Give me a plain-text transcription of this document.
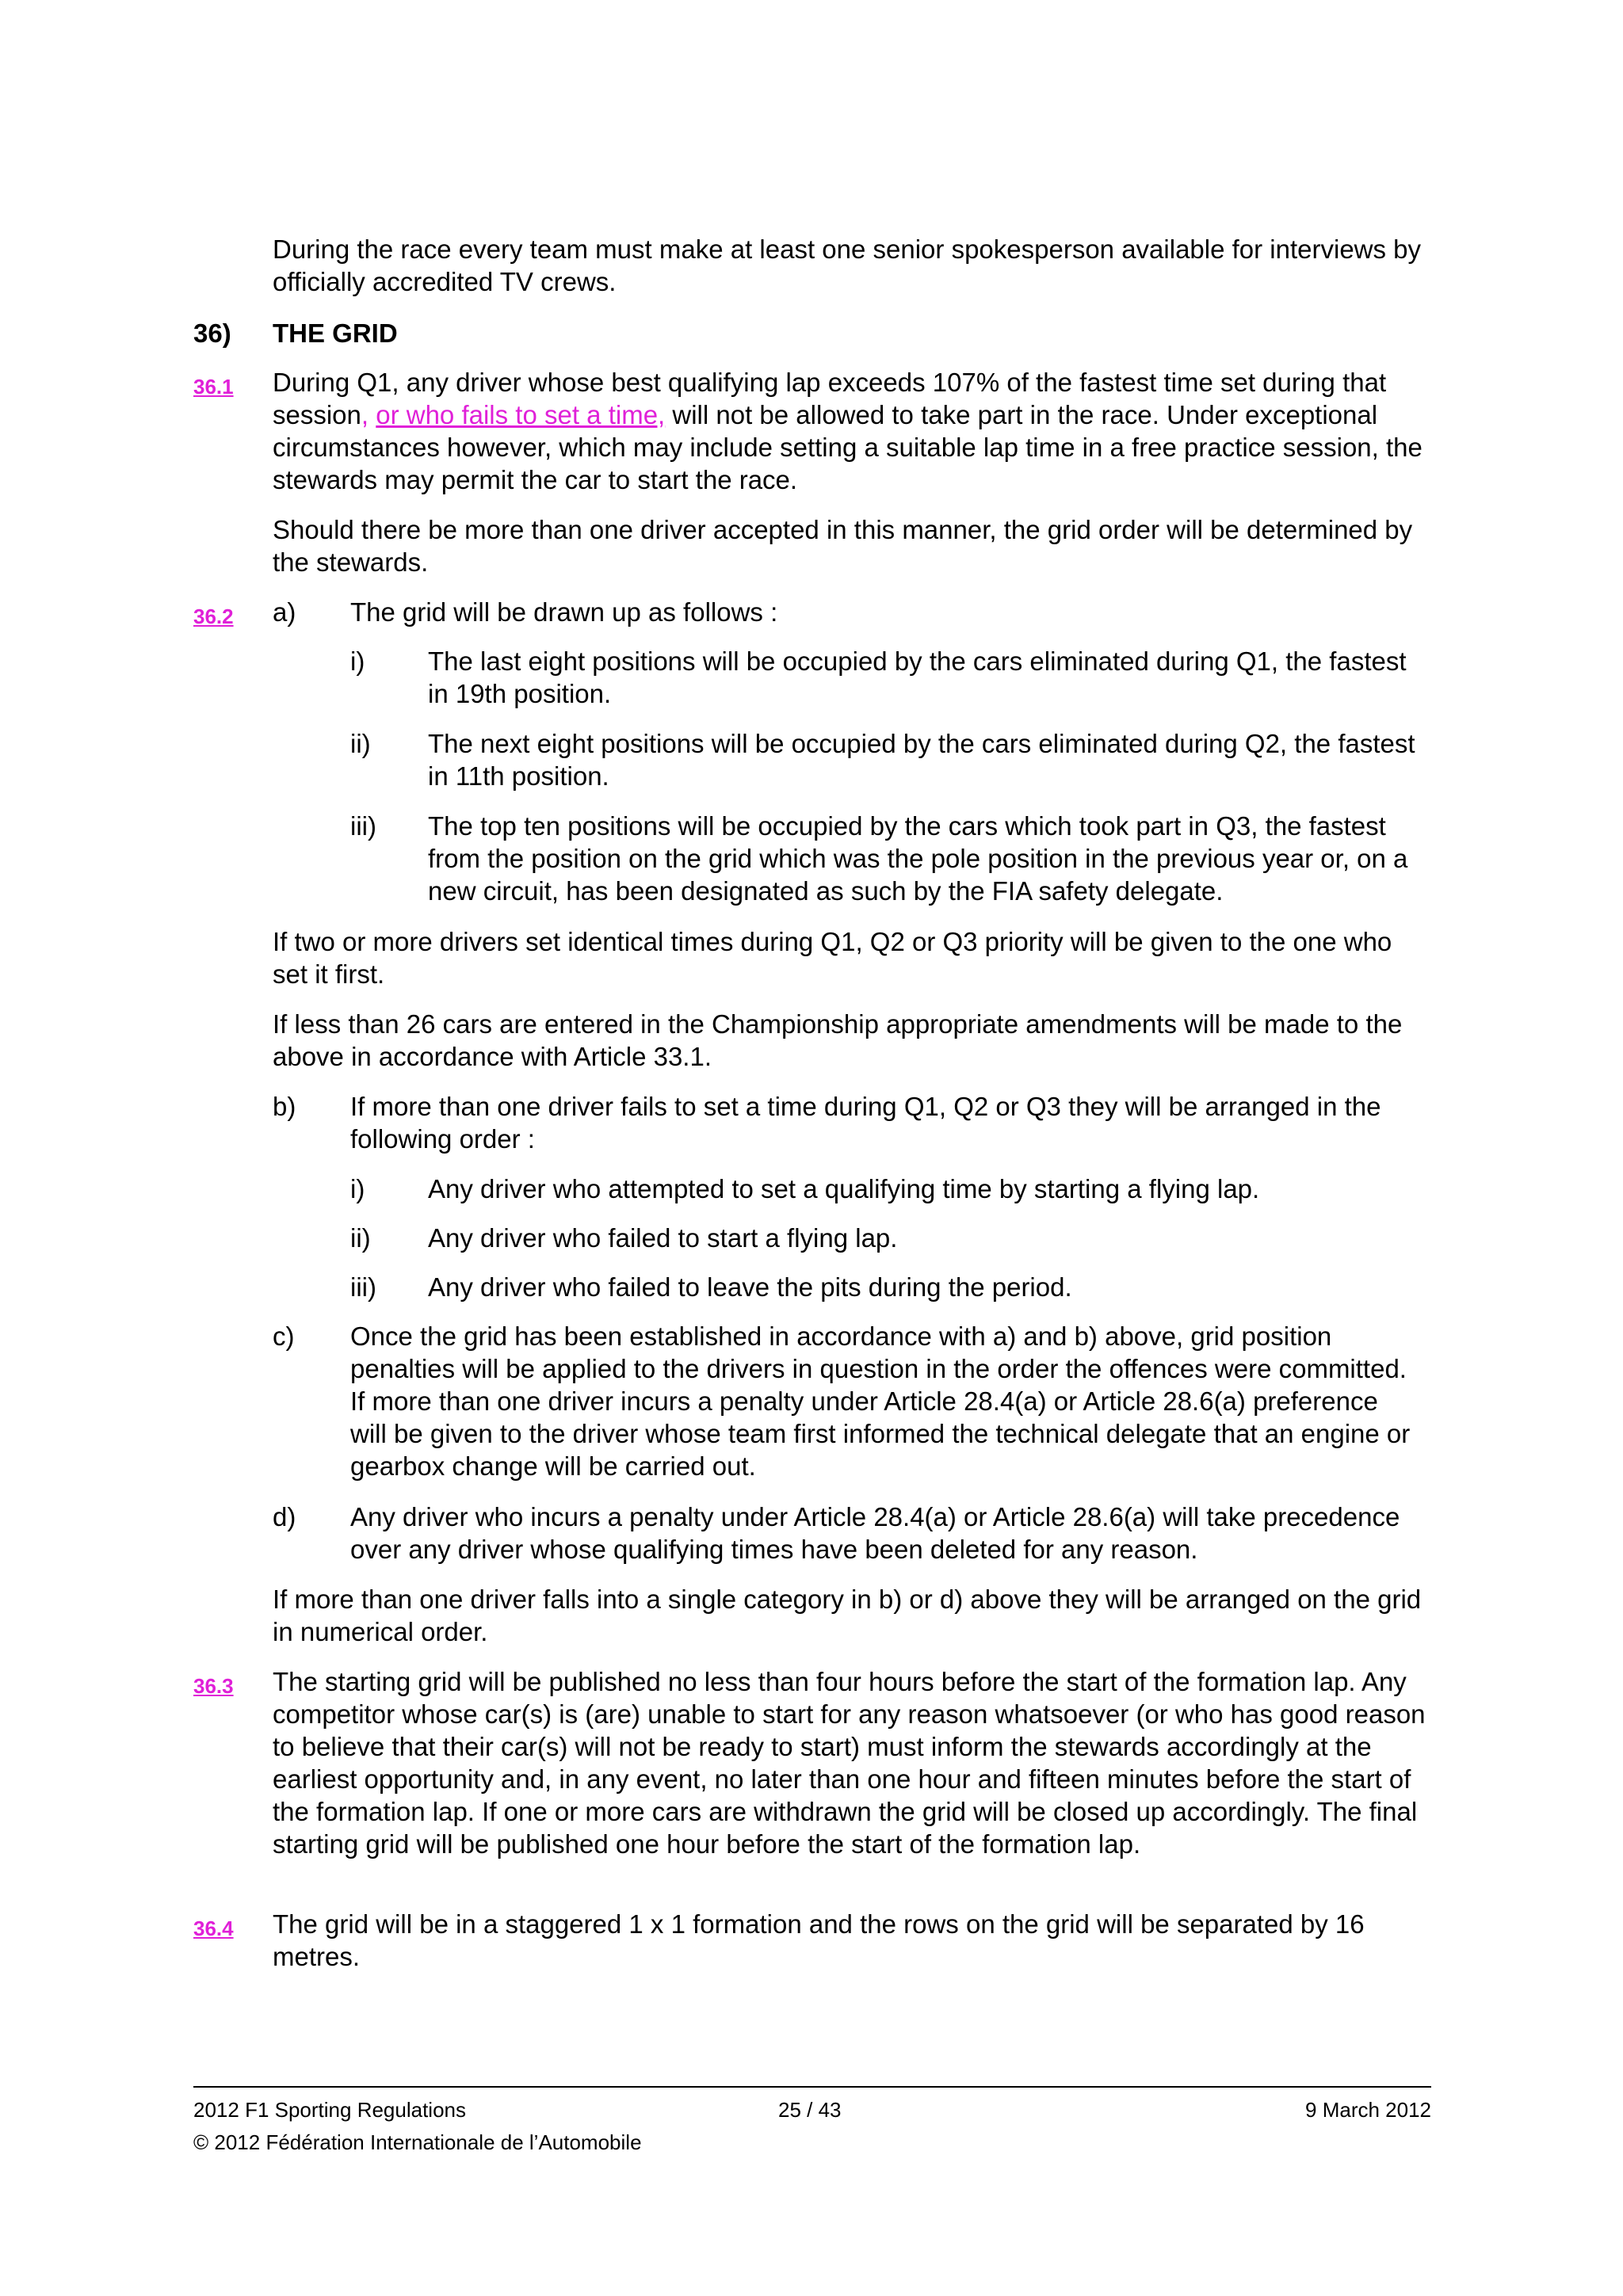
During the race every team must make at least one senior spokesperson available for interviews by officially accredited TV crews.

36) THE GRID
36.1 During Q1, any driver whose best qualifying lap exceeds 107% of the fastest time set during that session, or who fails to set a time, will not be allowed to take part in the race. Under exceptional circumstances however, which may include setting a suitable lap time in a free practice session, the stewards may permit the car to start the race.

Should there be more than one driver accepted in this manner, the grid order will be determined by the stewards.

36.2 a) The grid will be drawn up as follows :
i) The last eight positions will be occupied by the cars eliminated during Q1, the fastest in 19th position.

ii) The next eight positions will be occupied by the cars eliminated during Q2, the fastest in 11th position.

iii) The top ten positions will be occupied by the cars which took part in Q3, the fastest from the position on the grid which was the pole position in the previous year or, on a new circuit, has been designated as such by the FIA safety delegate.

If two or more drivers set identical times during Q1, Q2 or Q3 priority will be given to the one who set it first.

If less than 26 cars are entered in the Championship appropriate amendments will be made to the above in accordance with Article 33.1.

b) If more than one driver fails to set a time during Q1, Q2 or Q3 they will be arranged in the following order :

i) Any driver who attempted to set a qualifying time by starting a flying lap.
ii) Any driver who failed to start a flying lap.
iii) Any driver who failed to leave the pits during the period.
c) Once the grid has been established in accordance with a) and b) above, grid position penalties will be applied to the drivers in question in the order the offences were committed. If more than one driver incurs a penalty under Article 28.4(a) or Article 28.6(a) preference will be given to the driver whose team first informed the technical delegate that an engine or gearbox change will be carried out.

d) Any driver who incurs a penalty under Article 28.4(a) or Article 28.6(a) will take precedence over any driver whose qualifying times have been deleted for any reason.

If more than one driver falls into a single category in b) or d) above they will be arranged on the grid in numerical order.

36.3 The starting grid will be published no less than four hours before the start of the formation lap. Any competitor whose car(s) is (are) unable to start for any reason whatsoever (or who has good reason to believe that their car(s) will not be ready to start) must inform the stewards accordingly at the earliest opportunity and, in any event, no later than one hour and fifteen minutes before the start of the formation lap. If one or more cars are withdrawn the grid will be closed up accordingly. The final starting grid will be published one hour before the start of the formation lap.

36.4 The grid will be in a staggered 1 x 1 formation and the rows on the grid will be separated by 16 metres.

2012 F1 Sporting Regulations	25 / 43	9 March 2012
© 2012 Fédération Internationale de l’Automobile
